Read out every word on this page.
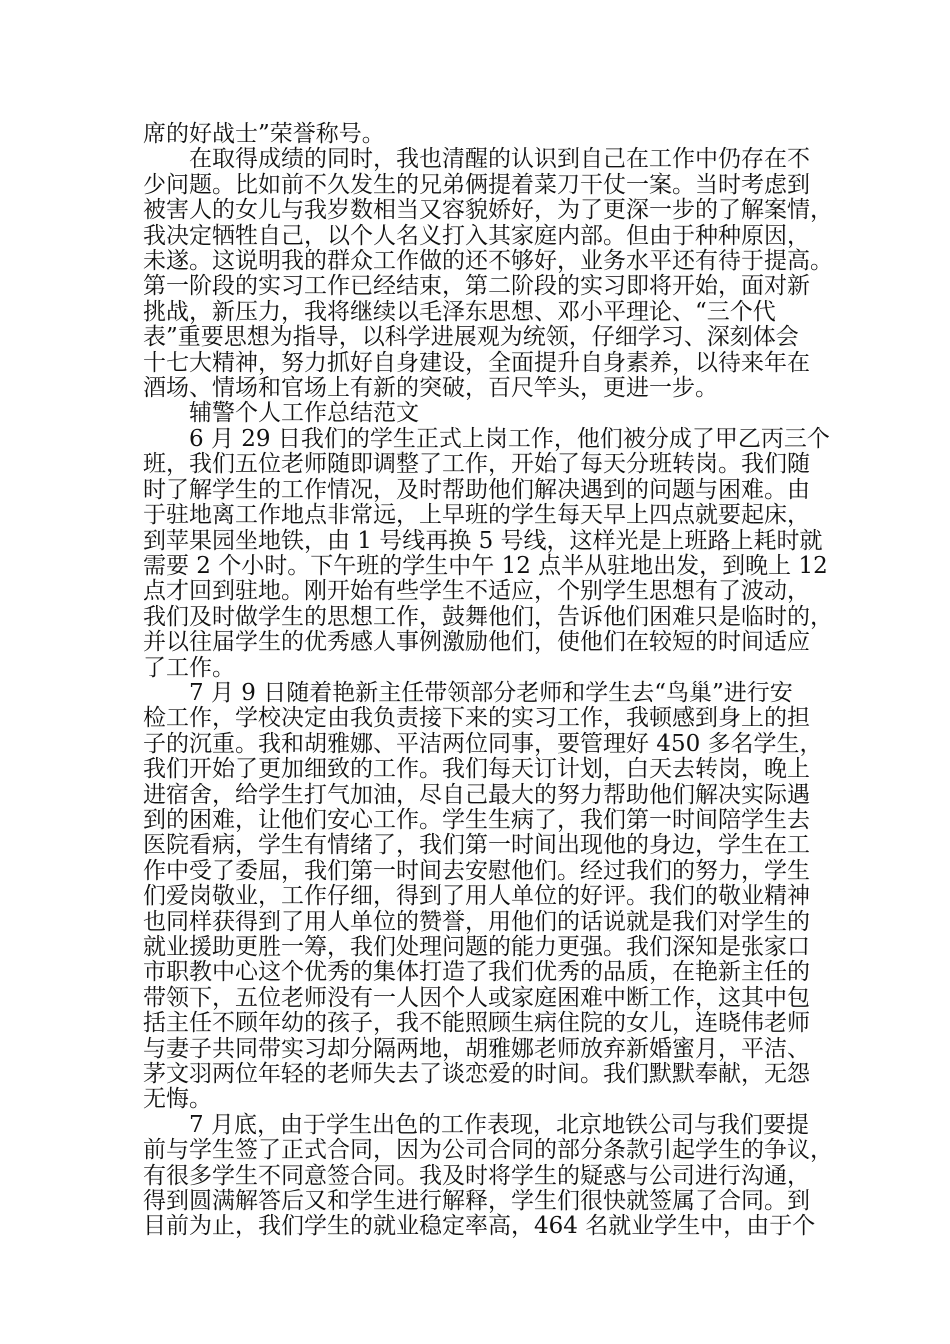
席的好战士”荣誉称号。

　　在取得成绩的同时，我也清醒的认识到自己在工作中仍存在不

少问题。比如前不久发生的兄弟俩提着菜刀干仗一案。当时考虑到

被害人的女儿与我岁数相当又容貌娇好，为了更深一步的了解案情，

我决定牺牲自己，以个人名义打入其家庭内部。但由于种种原因，

未遂。这说明我的群众工作做的还不够好，业务水平还有待于提高。

第一阶段的实习工作已经结束，第二阶段的实习即将开始，面对新

挑战，新压力，我将继续以毛泽东思想、邓小平理论、“三个代

表”重要思想为指导，以科学进展观为统领，仔细学习、深刻体会

十七大精神，努力抓好自身建设，全面提升自身素养，以待来年在

酒场、情场和官场上有新的突破，百尺竿头，更进一步。

　　辅警个人工作总结范文

　　6 月 29 日我们的学生正式上岗工作，他们被分成了甲乙丙三个

班，我们五位老师随即调整了工作，开始了每天分班转岗。我们随

时了解学生的工作情况，及时帮助他们解决遇到的问题与困难。由

于驻地离工作地点非常远，上早班的学生每天早上四点就要起床，

到苹果园坐地铁，由 1 号线再换 5 号线，这样光是上班路上耗时就

需要 2 个小时。下午班的学生中午 12 点半从驻地出发，到晚上 12

点才回到驻地。刚开始有些学生不适应，个别学生思想有了波动，

我们及时做学生的思想工作，鼓舞他们，告诉他们困难只是临时的，

并以往届学生的优秀感人事例激励他们，使他们在较短的时间适应

了工作。

　　7 月 9 日随着艳新主任带领部分老师和学生去“鸟巢”进行安

检工作，学校决定由我负责接下来的实习工作，我顿感到身上的担

子的沉重。我和胡雅娜、平洁两位同事，要管理好 450 多名学生，

我们开始了更加细致的工作。我们每天订计划，白天去转岗，晚上

进宿舍，给学生打气加油，尽自己最大的努力帮助他们解决实际遇

到的困难，让他们安心工作。学生生病了，我们第一时间陪学生去

医院看病，学生有情绪了，我们第一时间出现他的身边，学生在工

作中受了委屈，我们第一时间去安慰他们。经过我们的努力，学生

们爱岗敬业，工作仔细，得到了用人单位的好评。我们的敬业精神

也同样获得到了用人单位的赞誉，用他们的话说就是我们对学生的

就业援助更胜一筹，我们处理问题的能力更强。我们深知是张家口

市职教中心这个优秀的集体打造了我们优秀的品质，在艳新主任的

带领下，五位老师没有一人因个人或家庭困难中断工作，这其中包

括主任不顾年幼的孩子，我不能照顾生病住院的女儿，连晓伟老师

与妻子共同带实习却分隔两地，胡雅娜老师放弃新婚蜜月，平洁、

茅文羽两位年轻的老师失去了谈恋爱的时间。我们默默奉献，无怨

无悔。

　　7 月底，由于学生出色的工作表现，北京地铁公司与我们要提

前与学生签了正式合同，因为公司合同的部分条款引起学生的争议，

有很多学生不同意签合同。我及时将学生的疑惑与公司进行沟通，

得到圆满解答后又和学生进行解释，学生们很快就签属了合同。到

目前为止，我们学生的就业稳定率高，464 名就业学生中，由于个
